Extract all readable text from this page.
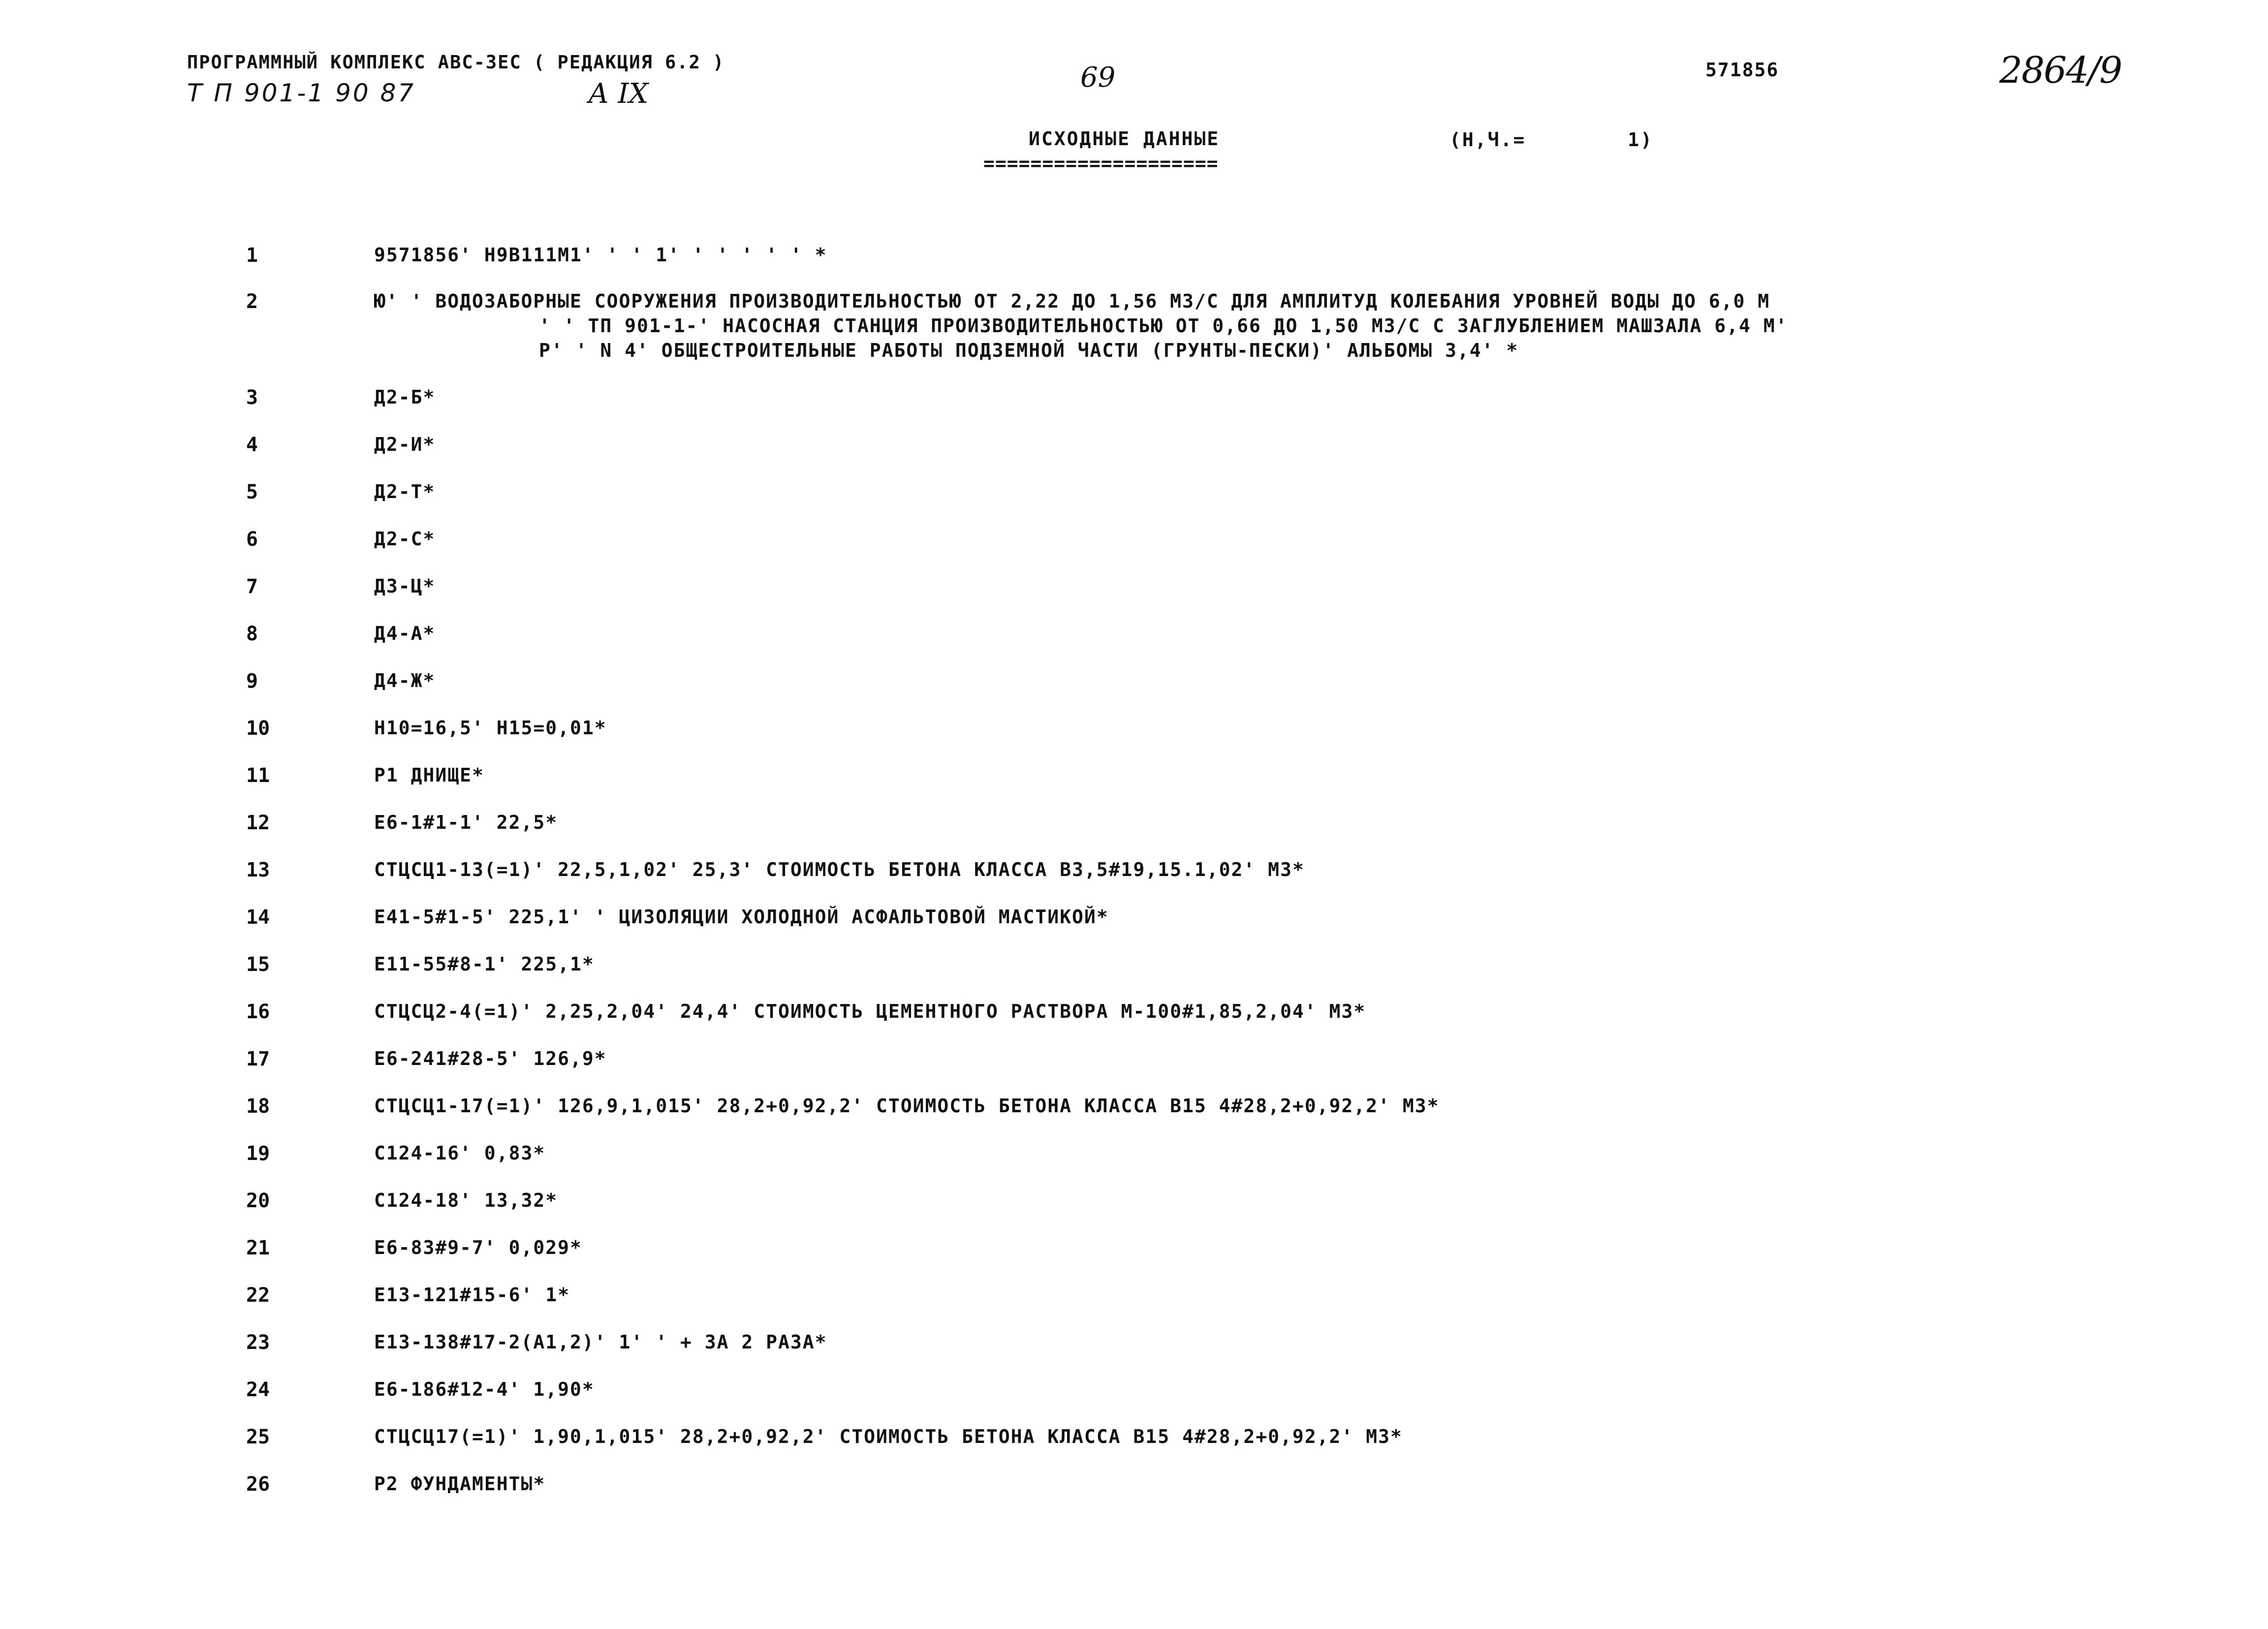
ПРОГРАММНЫЙ КОМПЛЕКС АВС-3ЕС ( РЕДАКЦИЯ 6.2 )
Т П 901-1 90 87	А IХ
69	571856	2864/9
ИСХОДНЫЕ ДАННЫЕ
====================
(Н,Ч.=        1)
1	9571856' Н9В111М1' ' ' 1' ' ' ' ' ' *
2	Ю' ' ВОДОЗАБОРНЫЕ СООРУЖЕНИЯ ПРОИЗВОДИТЕЛЬНОСТЬЮ ОТ 2,22 ДО 1,56 М3/С ДЛЯ АМПЛИТУД КОЛЕБАНИЯ УРОВНЕЙ ВОДЫ ДО 6,0 М
' ' ТП 901-1-' НАСОСНАЯ СТАНЦИЯ ПРОИЗВОДИТЕЛЬНОСТЬЮ ОТ 0,66 ДО 1,50 М3/С С ЗАГЛУБЛЕНИЕМ МАШЗАЛА 6,4 М'
Р' ' N 4' ОБЩЕСТРОИТЕЛЬНЫЕ РАБОТЫ ПОДЗЕМНОЙ ЧАСТИ (ГРУНТЫ-ПЕСКИ)' АЛЬБОМЫ 3,4' *
3	Д2-Б*
4	Д2-И*
5	Д2-Т*
6	Д2-С*
7	Д3-Ц*
8	Д4-А*
9	Д4-Ж*
10	Н10=16,5' Н15=0,01*
11	Р1 ДНИЩЕ*
12	Е6-1#1-1' 22,5*
13	СТЦСЦ1-13(=1)' 22,5,1,02' 25,3' СТОИМОСТЬ БЕТОНА КЛАССА В3,5#19,15.1,02' М3*
14	Е41-5#1-5' 225,1' ' ЦИЗОЛЯЦИИ ХОЛОДНОЙ АСФАЛЬТОВОЙ МАСТИКОЙ*
15	Е11-55#8-1' 225,1*
16	СТЦСЦ2-4(=1)' 2,25,2,04' 24,4' СТОИМОСТЬ ЦЕМЕНТНОГО РАСТВОРА М-100#1,85,2,04' М3*
17	Е6-241#28-5' 126,9*
18	СТЦСЦ1-17(=1)' 126,9,1,015' 28,2+0,92,2' СТОИМОСТЬ БЕТОНА КЛАССА В15 4#28,2+0,92,2' М3*
19	С124-16' 0,83*
20	С124-18' 13,32*
21	Е6-83#9-7' 0,029*
22	Е13-121#15-6' 1*
23	Е13-138#17-2(А1,2)' 1' ' + ЗА 2 РАЗА*
24	Е6-186#12-4' 1,90*
25	СТЦСЦ17(=1)' 1,90,1,015' 28,2+0,92,2' СТОИМОСТЬ БЕТОНА КЛАССА В15 4#28,2+0,92,2' М3*
26	Р2 ФУНДАМЕНТЫ*
